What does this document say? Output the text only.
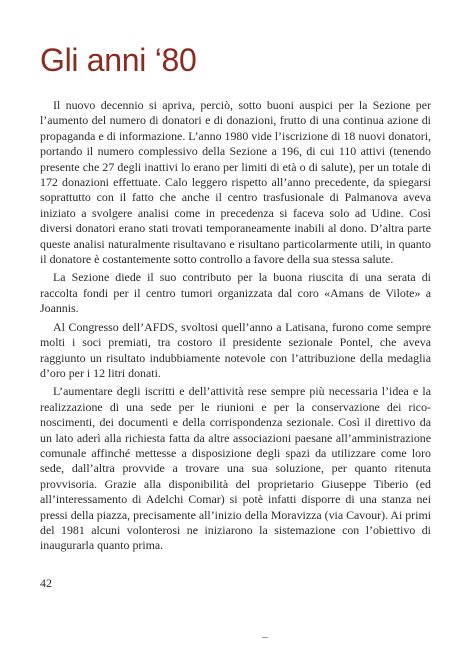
Gli anni ‘80

Il nuovo decennio si apriva, perciò, sotto buoni auspici per la Sezione per l’aumento del numero di donatori e di donazioni, frutto di una continua azione di propaganda e di informazione. L’anno 1980 vide l’iscrizione di 18 nuovi donatori, portando il numero complessivo della Sezione a 196, di cui 110 attivi (tenendo presente che 27 degli inattivi lo erano per limiti di età o di salute), per un totale di 172 donazioni effettuate. Calo leggero rispetto all’anno precedente, da spiegarsi soprattutto con il fatto che anche il centro trasfusionale di Palmanova aveva iniziato a svolgere analisi come in precedenza si faceva solo ad Udine. Così diversi donatori erano stati trovati temporaneamente inabili al dono. D’altra parte queste analisi naturalmente risultavano e risultano particolarmente utili, in quanto il donatore è costantemente sotto controllo a favore della sua stessa salute.

La Sezione diede il suo contributo per la buona riuscita di una serata di raccolta fondi per il centro tumori organizzata dal coro «Amans de Vilote» a Joannis.

Al Congresso dell’AFDS, svoltosi quell’anno a Latisana, furono come sempre molti i soci premiati, tra costoro il presidente sezionale Pontel, che aveva raggiunto un risultato indubbiamente notevole con l’attribuzione della medaglia d’oro per i 12 litri donati.

L’aumentare degli iscritti e dell’attività rese sempre più necessaria l’idea e la realizzazione di una sede per le riunioni e per la conservazione dei riconoscimenti, dei documenti e della corrispondenza sezionale. Così il direttivo da un lato aderì alla richiesta fatta da altre associazioni paesane all’amministrazione comunale affinché mettesse a disposizione degli spazi da utilizzare come loro sede, dall’altra provvide a trovare una sua soluzione, per quanto ritenuta provvisoria. Grazie alla disponibilità del proprietario Giuseppe Tiberio (ed all’interessamento di Adelchi Comar) si potè infatti disporre di una stanza nei pressi della piazza, precisamente all’inizio della Moravizza (via Cavour). Ai primi del 1981 alcuni volonterosi ne iniziarono la sistemazione con l’obiettivo di inaugurarla quanto prima.

42
